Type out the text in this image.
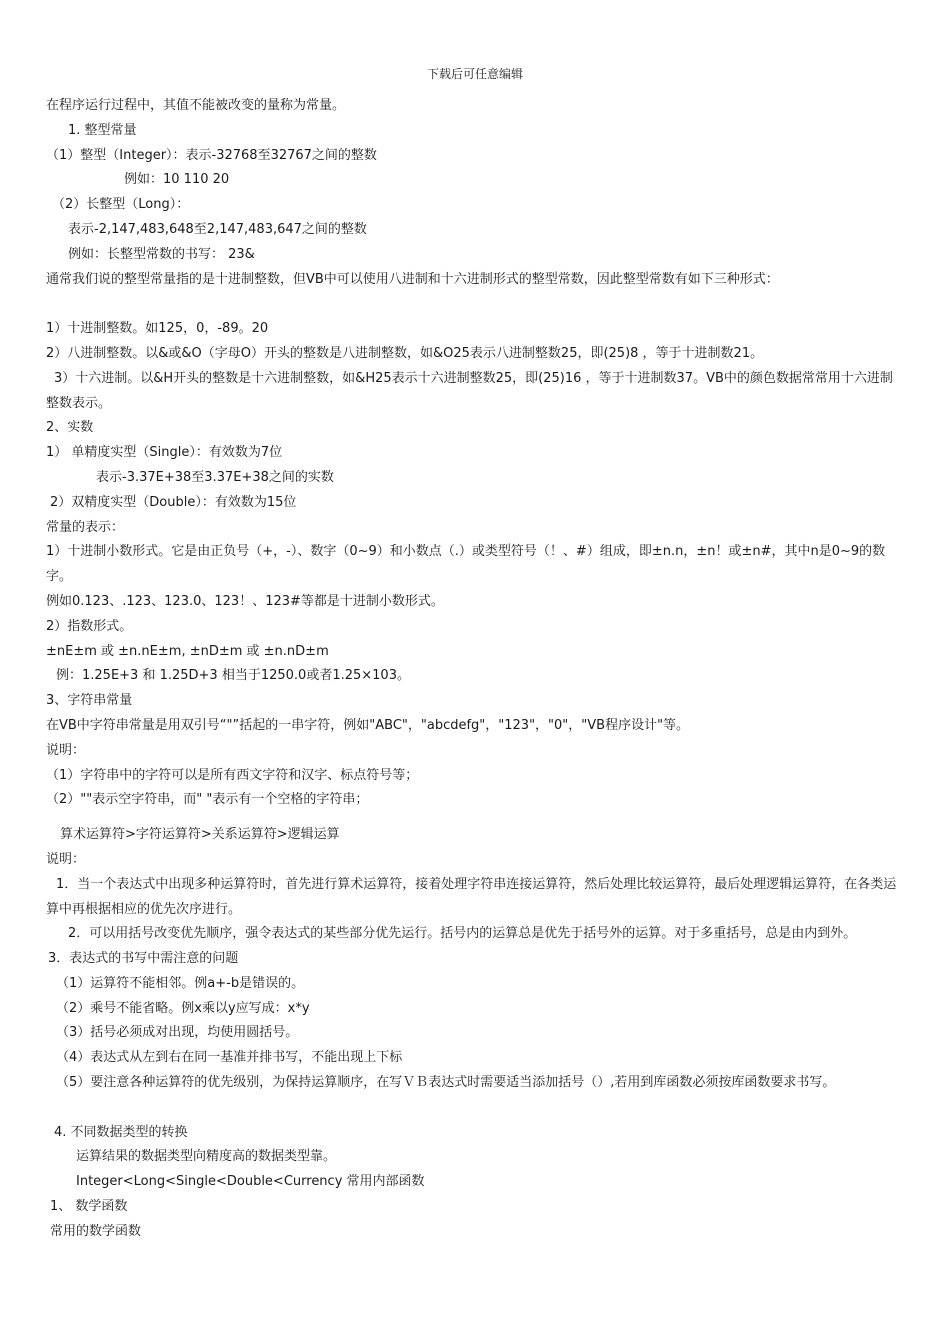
下载后可任意编辑
在程序运行过程中，其值不能被改变的量称为常量。
1. 整型常量
（1）整型（Integer）：表示-32768至32767之间的整数
例如：10 110 20
（2）长整型（Long）：
表示-2,147,483,648至2,147,483,647之间的整数
例如：长整型常数的书写： 23&
通常我们说的整型常量指的是十进制整数，但VB中可以使用八进制和十六进制形式的整型常数，因此整型常数有如下三种形式：
1）十进制整数。如125，0，-89。20
2）八进制整数。以&或&O（字母O）开头的整数是八进制整数，如&O25表示八进制整数25，即(25)8 ，等于十进制数21。
3）十六进制。以&H开头的整数是十六进制整数，如&H25表示十六进制整数25，即(25)16 ，等于十进制数37。VB中的颜色数据常常用十六进制整数表示。
2、实数
1） 单精度实型（Single）：有效数为7位
表示-3.37E+38至3.37E+38之间的实数
2）双精度实型（Double）：有效数为15位
常量的表示：
1）十进制小数形式。它是由正负号（+，-）、数字（0~9）和小数点（.）或类型符号（！、#）组成，即±n.n，±n！或±n#，其中n是0~9的数字。
例如0.123、.123、123.0、123！、123#等都是十进制小数形式。
2）指数形式。
±nE±m 或 ±n.nE±m, ±nD±m 或 ±n.nD±m
例：1.25E+3 和 1.25D+3 相当于1250.0或者1.25×103。
3、字符串常量
在VB中字符串常量是用双引号“"”括起的一串字符，例如"ABC"，"abcdefg"，"123"，"0"，"VB程序设计"等。
说明：
（1）字符串中的字符可以是所有西文字符和汉字、标点符号等；
（2）""表示空字符串，而" "表示有一个空格的字符串；
算术运算符>字符运算符>关系运算符>逻辑运算
说明：
1．当一个表达式中出现多种运算符时，首先进行算术运算符，接着处理字符串连接运算符，然后处理比较运算符，最后处理逻辑运算符，在各类运算中再根据相应的优先次序进行。
2．可以用括号改变优先顺序，强令表达式的某些部分优先运行。括号内的运算总是优先于括号外的运算。对于多重括号，总是由内到外。
3．表达式的书写中需注意的问题
（1）运算符不能相邻。例a+-b是错误的。
（2）乘号不能省略。例x乘以y应写成：x*y
（3）括号必须成对出现，均使用圆括号。
（4）表达式从左到右在同一基准并排书写，不能出现上下标
（5）要注意各种运算符的优先级别，为保持运算顺序，在写ＶＢ表达式时需要适当添加括号（）,若用到库函数必须按库函数要求书写。
4. 不同数据类型的转换
运算结果的数据类型向精度高的数据类型靠。
Integer<Long<Single<Double<Currency 常用内部函数
1、 数学函数
常用的数学函数
